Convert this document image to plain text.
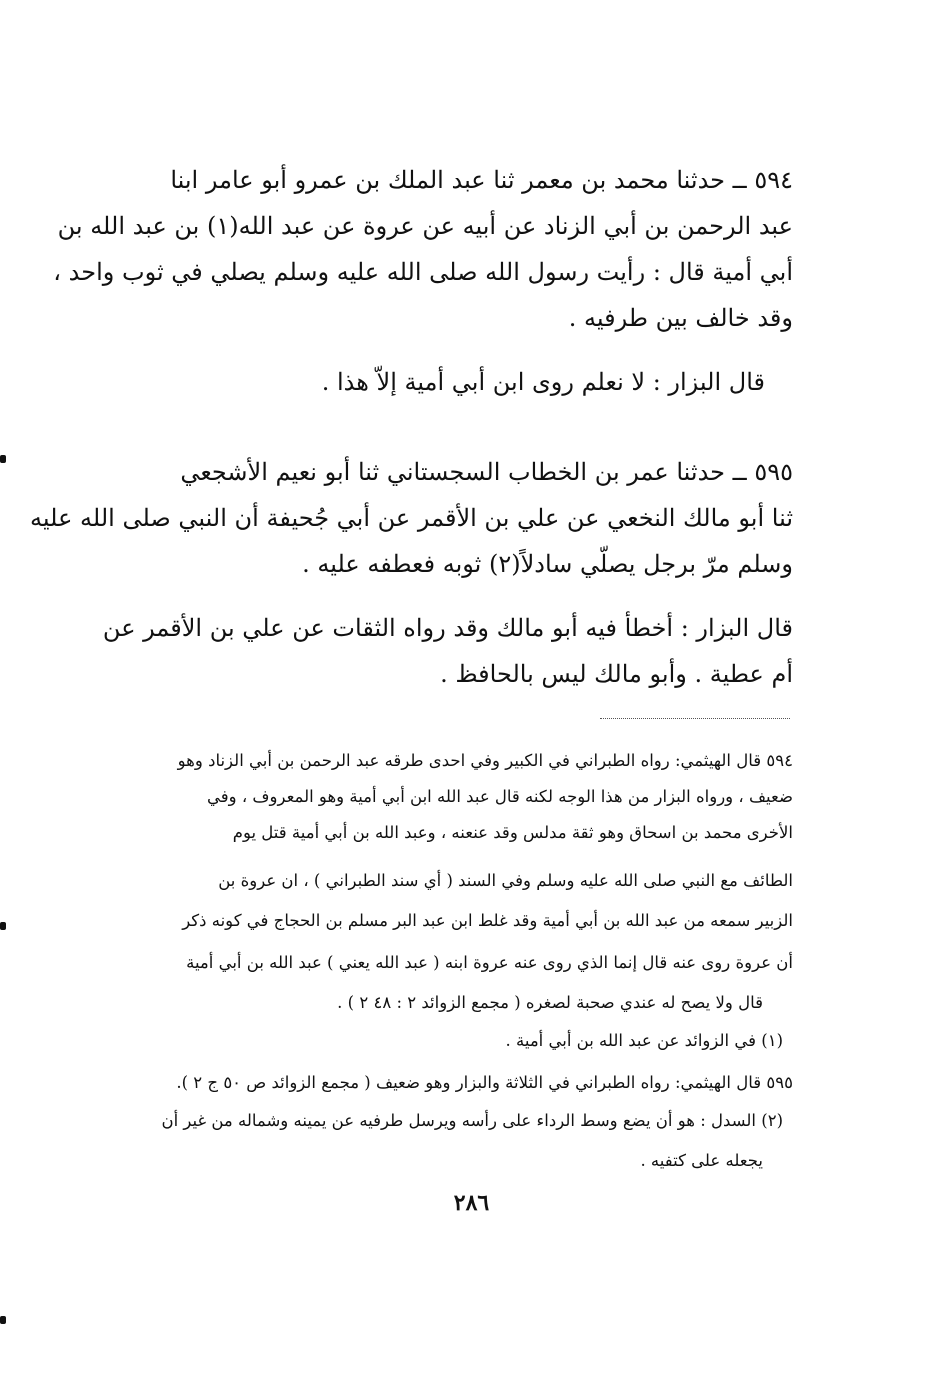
٥٩٤ ــ حدثنا محمد بن معمر ثنا عبد الملك بن عمرو أبو عامر ابنا
عبد الرحمن بن أبي الزناد عن أبيه عن عروة عن عبد الله(١) بن عبد الله بن
أبي أمية قال : رأيت رسول الله صلى الله عليه وسلم يصلي في ثوب واحد ،
وقد خالف بين طرفيه .
قال البزار : لا نعلم روى ابن أبي أمية إلاّ هذا .
٥٩٥ ــ حدثنا عمر بن الخطاب السجستاني ثنا أبو نعيم الأشجعي
ثنا أبو مالك النخعي عن علي بن الأقمر عن أبي جُحيفة أن النبي صلى الله عليه
وسلم مرّ برجل يصلّي سادلاً(٢) ثوبه فعطفه عليه .
قال البزار : أخطأ فيه أبو مالك وقد رواه الثقات عن علي بن الأقمر عن
أم عطية . وأبو مالك ليس بالحافظ .
٥٩٤ قال الهيثمي: رواه الطبراني في الكبير وفي احدى طرقه عبد الرحمن بن أبي الزناد وهو
ضعيف ، ورواه البزار من هذا الوجه لكنه قال عبد الله ابن أبي أمية وهو المعروف ، وفي
الأخرى محمد بن اسحاق وهو ثقة مدلس وقد عنعنه ، وعبد الله بن أبي أمية قتل يوم
الطائف مع النبي صلى الله عليه وسلم وفي السند ( أي سند الطبراني ) ، ان عروة بن
الزبير سمعه من عبد الله بن أبي أمية وقد غلط ابن عبد البر مسلم بن الحجاج في كونه ذكر
أن عروة روى عنه قال إنما الذي روى عنه عروة ابنه ( عبد الله يعني ) عبد الله بن أبي أمية
قال ولا يصح له عندي صحبة لصغره ( مجمع الزوائد ٢ : ٤٨ ٢ ) .
(١) في الزوائد عن عبد الله بن أبي أمية .
٥٩٥ قال الهيثمي: رواه الطبراني في الثلاثة والبزار وهو ضعيف ( مجمع الزوائد ص ٥٠ ج ٢ ).
(٢) السدل : هو أن يضع وسط الرداء على رأسه ويرسل طرفيه عن يمينه وشماله من غير أن
يجعله على كتفيه .
٢٨٦
